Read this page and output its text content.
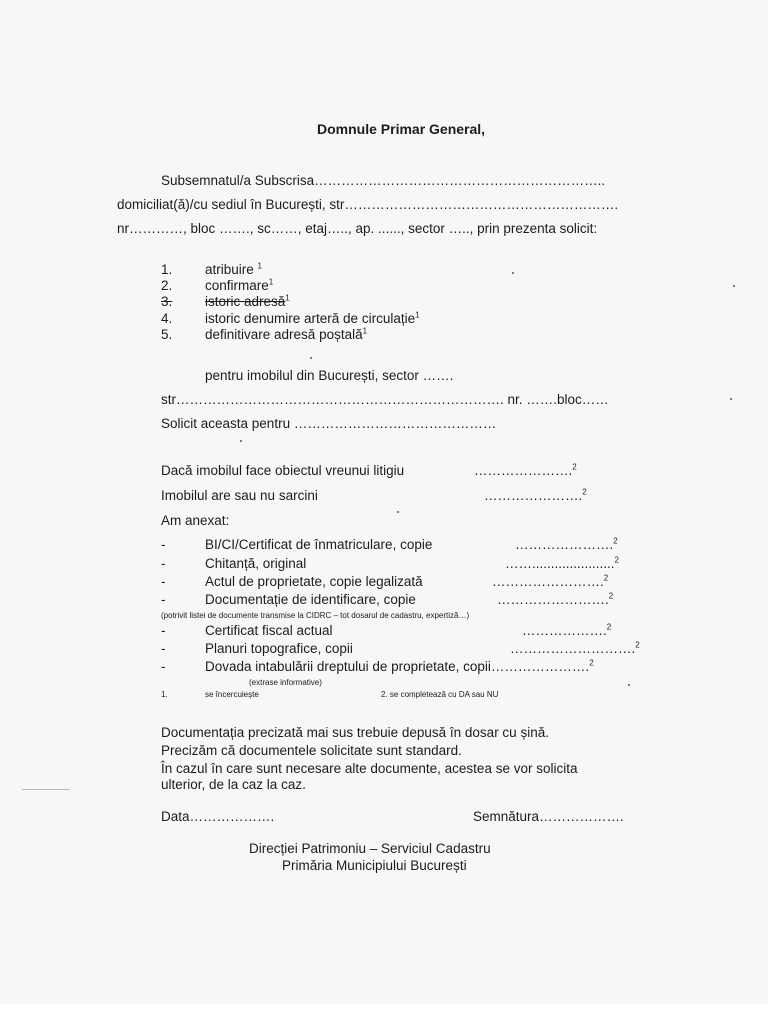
Domnule Primar General,
Subsemnatul/a Subscrisa………………………………………………………..
domiciliat(ă)/cu sediul în București, str…………………………………………………….
nr…………, bloc ……., sc……, etaj….., ap. ......, sector ….., prin prezenta solicit:
1. atribuire $^1$
2. confirmare$^1$
3. istoric adresă$^1$
4. istoric denumire arteră de circulație$^1$
5. definitivare adresă poștală$^1$
pentru imobilul din București, sector …….
str………………………………………………………………. nr. …….bloc……
Solicit aceasta pentru ………………………………………
Dacă imobilul face obiectul vreunui litigiu	………………….$^2$
Imobilul are sau nu sarcini	………………….$^2$
Am anexat:
-	BI/CI/Certificat de înmatriculare, copie	………………….$^2$
-	Chitanță, original	……......................$^2$
-	Actul de proprietate, copie legalizată	…………………….$^2$
-	Documentație de identificare, copie	…………………….$^2$
(potrivit listei de documente transmise la CIDRC – tot dosarul de cadastru, expertiză…)
-	Certificat fiscal actual	……………….$^2$
-	Planuri topografice, copii	……………………….$^2$
-	Dovada intabulării dreptului de proprietate, copii………………….$^2$
(extrase informative)
1.	se încercuiește	2. se completează cu DA sau NU
Documentația precizată mai sus trebuie depusă în dosar cu șină.
Precizăm că documentele solicitate sunt standard.
În cazul în care sunt necesare alte documente, acestea se vor solicita
ulterior, de la caz la caz.
Data……………….	Semnătura……………….
Direcției Patrimoniu – Serviciul Cadastru
Primăria Municipiului București
